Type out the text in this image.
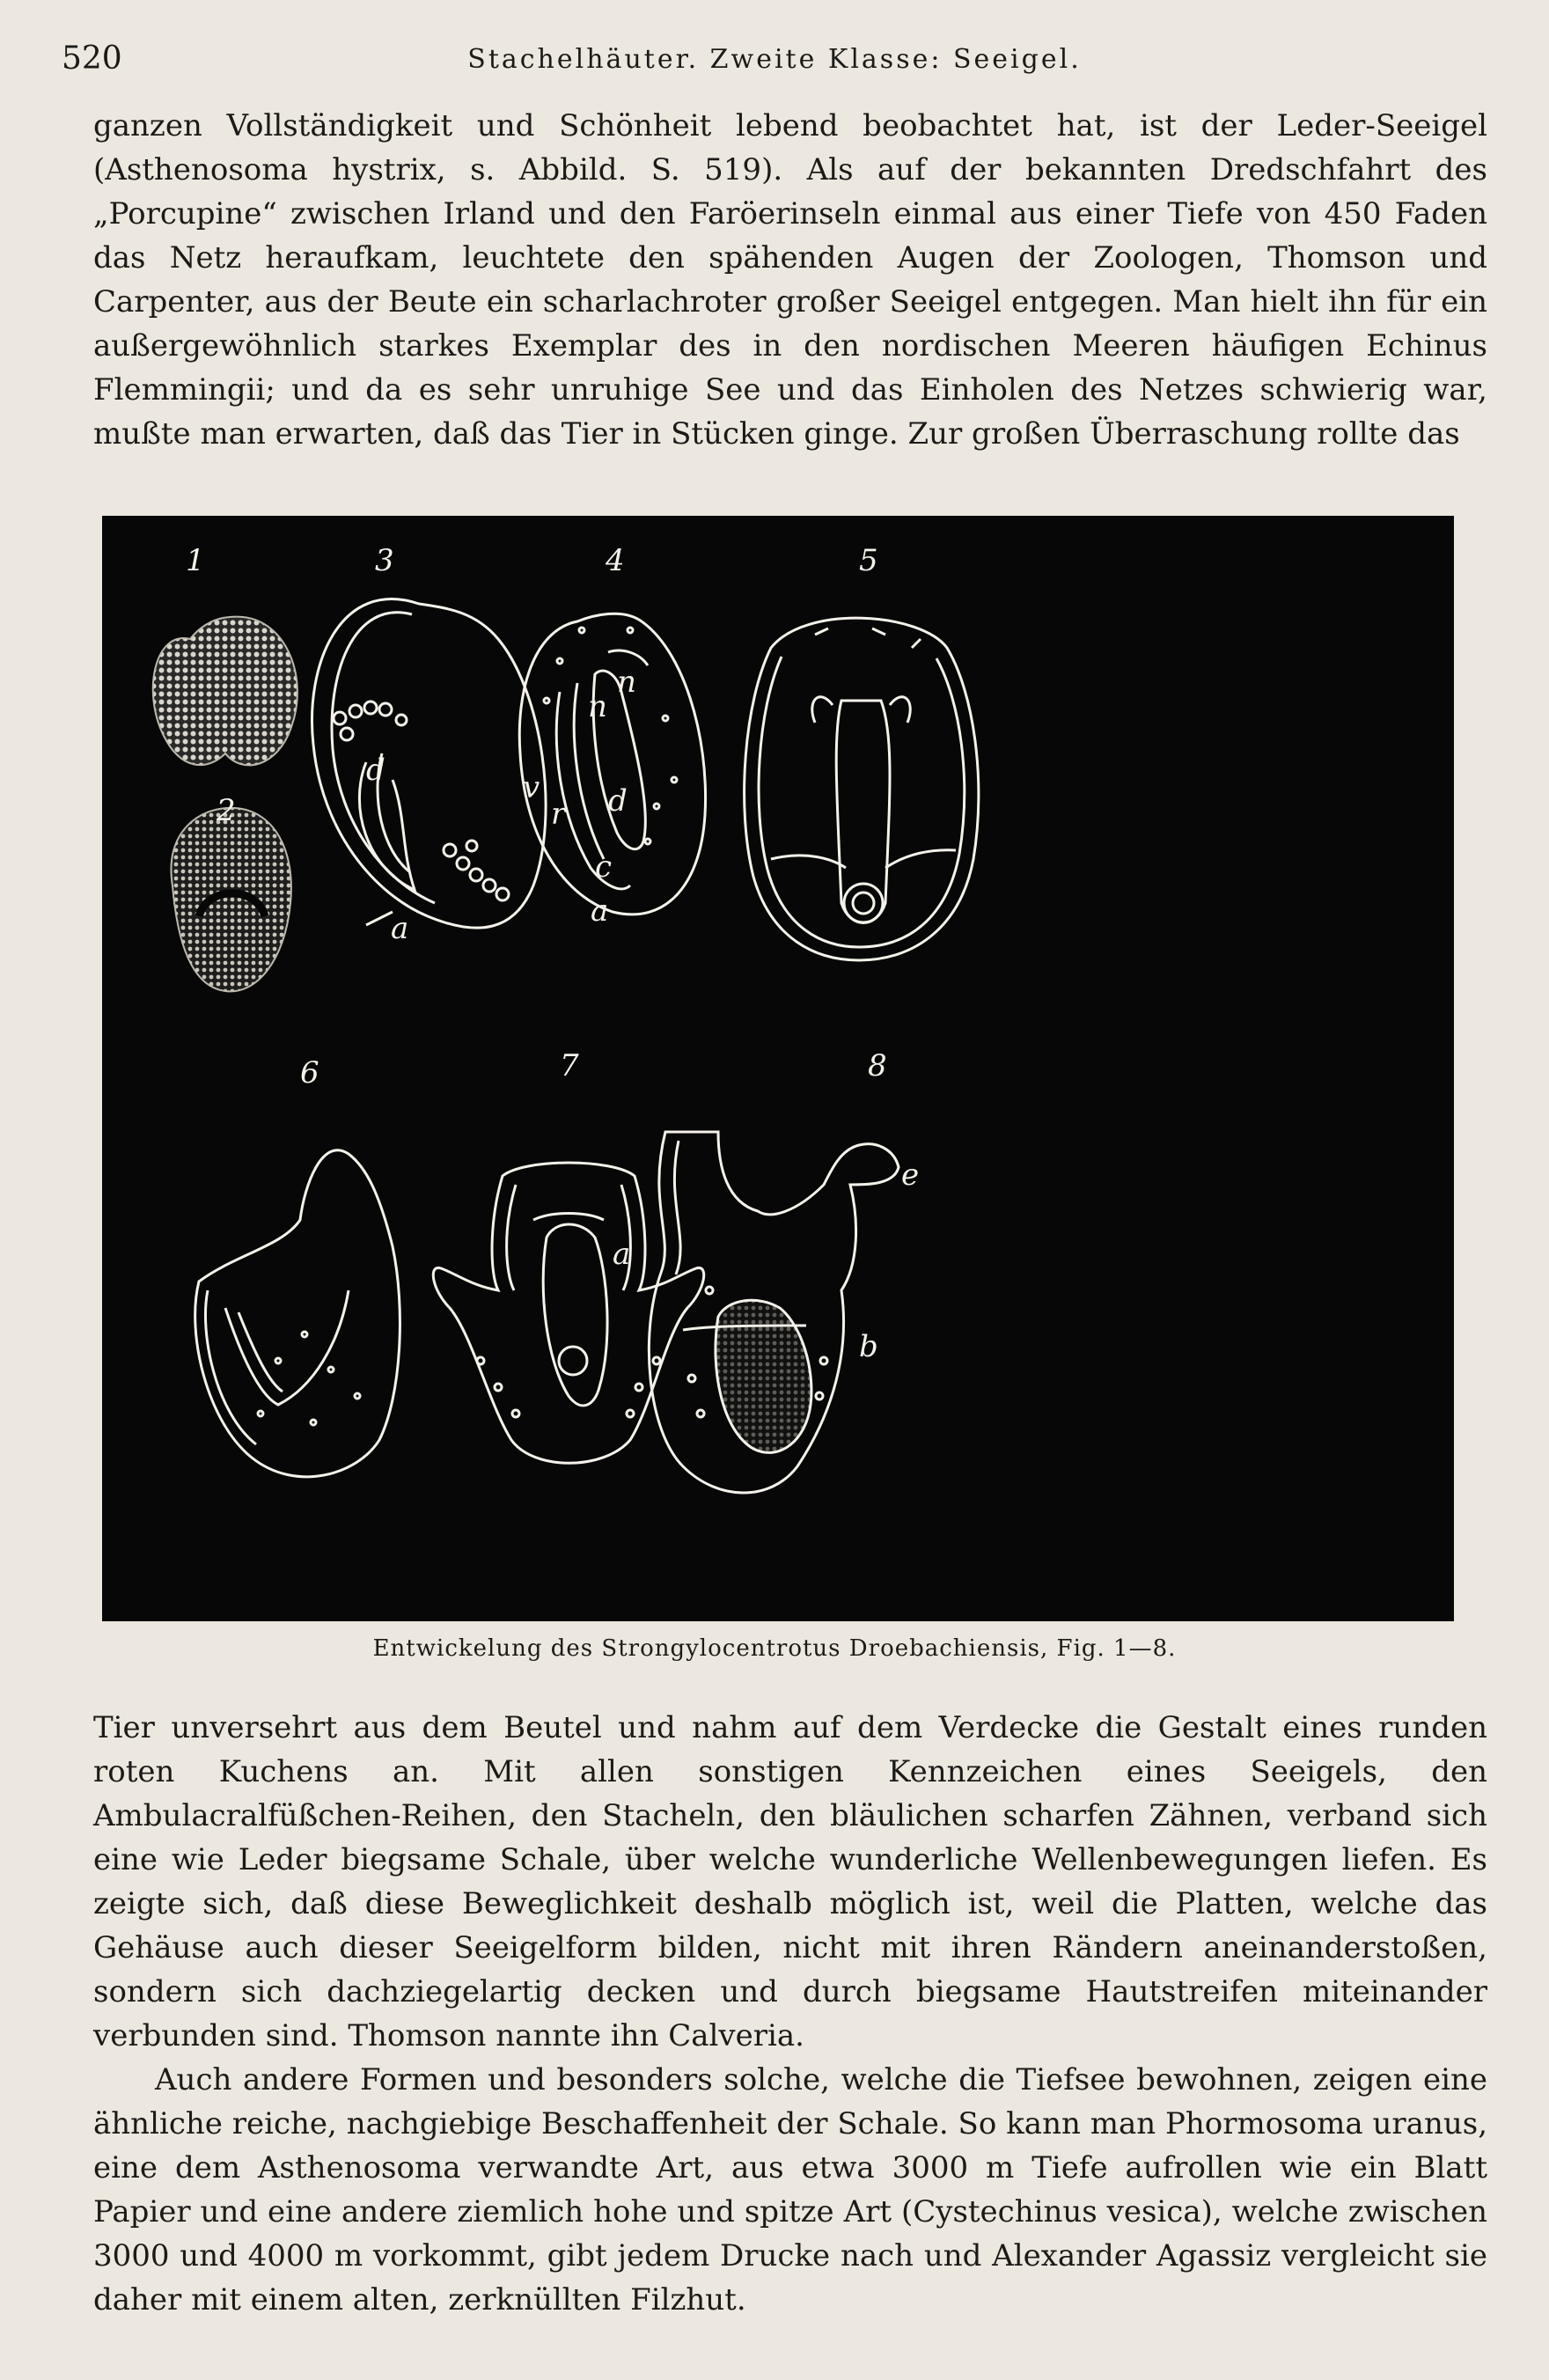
520	Stachelhäuter. Zweite Klasse: Seeigel.

ganzen Vollständigkeit und Schönheit lebend beobachtet hat, ist der Leder-Seeigel (Asthenosoma hystrix, s. Abbild. S. 519). Als auf der bekannten Dredschfahrt des „Porcupine“ zwischen Irland und den Faröerinseln einmal aus einer Tiefe von 450 Faden das Netz heraufkam, leuchtete den spähenden Augen der Zoologen, Thomson und Carpenter, aus der Beute ein scharlachroter großer Seeigel entgegen. Man hielt ihn für ein außergewöhnlich starkes Exemplar des in den nordischen Meeren häufigen Echinus Flemmingii; und da es sehr unruhige See und das Einholen des Netzes schwierig war, mußte man erwarten, daß das Tier in Stücken ginge. Zur großen Überraschung rollte das

1
2
3	4	5
6	7	8
d
a
n
n
v
r d
c
a
a
e
b
Entwickelung des Strongylocentrotus Droebachiensis, Fig. 1—8.

Tier unversehrt aus dem Beutel und nahm auf dem Verdecke die Gestalt eines runden roten Kuchens an. Mit allen sonstigen Kennzeichen eines Seeigels, den Ambulacralfüßchen-Reihen, den Stacheln, den bläulichen scharfen Zähnen, verband sich eine wie Leder biegsame Schale, über welche wunderliche Wellenbewegungen liefen. Es zeigte sich, daß diese Beweglichkeit deshalb möglich ist, weil die Platten, welche das Gehäuse auch dieser Seeigelform bilden, nicht mit ihren Rändern aneinanderstoßen, sondern sich dachziegelartig decken und durch biegsame Hautstreifen miteinander verbunden sind. Thomson nannte ihn Calveria.

Auch andere Formen und besonders solche, welche die Tiefsee bewohnen, zeigen eine ähnliche reiche, nachgiebige Beschaffenheit der Schale. So kann man Phormosoma uranus, eine dem Asthenosoma verwandte Art, aus etwa 3000 m Tiefe aufrollen wie ein Blatt Papier und eine andere ziemlich hohe und spitze Art (Cystechinus vesica), welche zwischen 3000 und 4000 m vorkommt, gibt jedem Drucke nach und Alexander Agassiz vergleicht sie daher mit einem alten, zerknüllten Filzhut.
